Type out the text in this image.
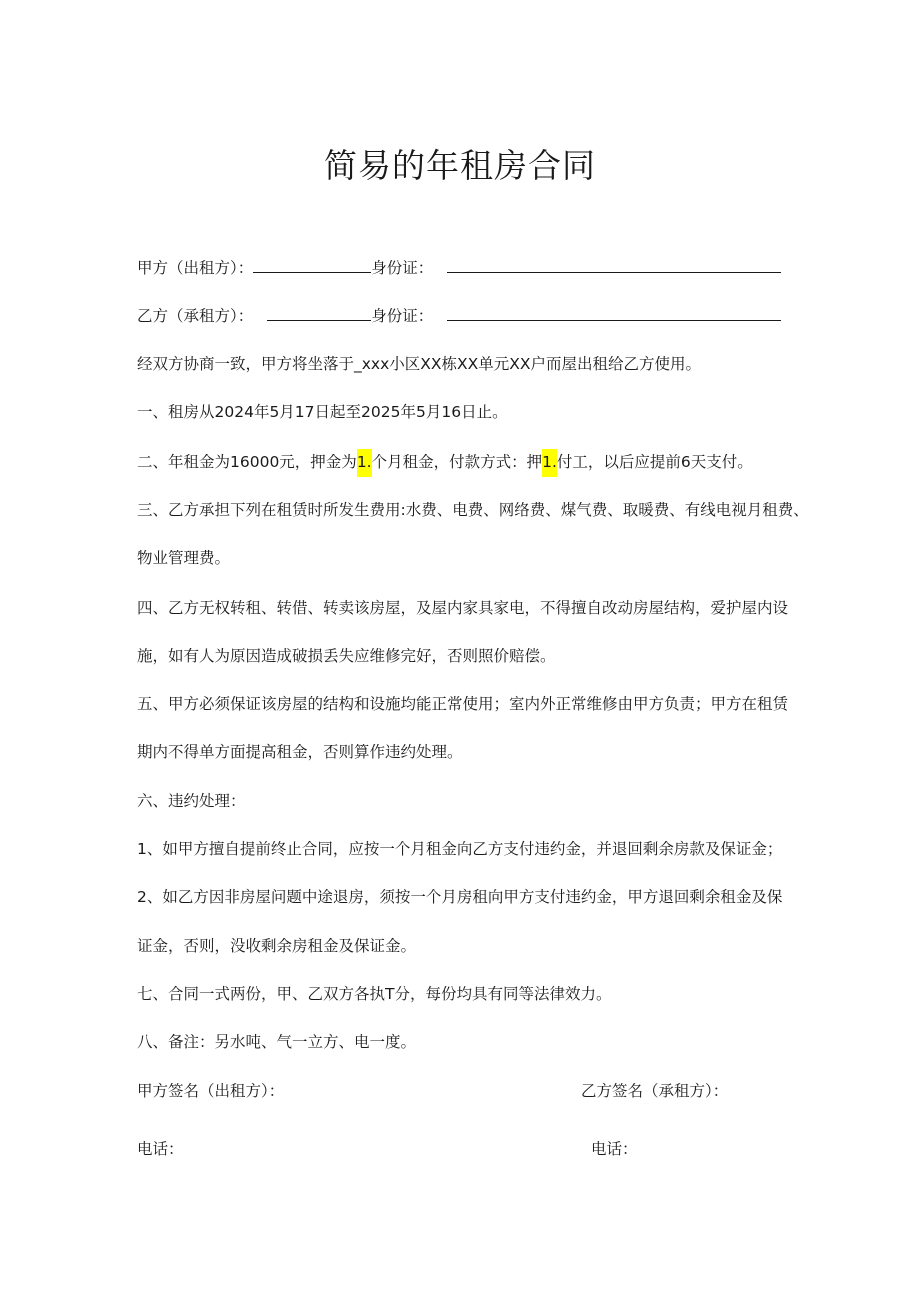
简易的年租房合同
甲方（出租方）：	身份证：
乙方（承租方）：	身份证：
经双方协商一致，甲方将坐落于_xxx小区XX栋XX单元XX户而屋出租给乙方使用。
一、租房从2024年5月17日起至2025年5月16日止。
二、年租金为16000元，押金为1.个月租金，付款方式：押1.付工，以后应提前6天支付。
三、乙方承担下列在租赁时所发生费用:水费、电费、网络费、煤气费、取暖费、有线电视月租费、
物业管理费。
四、乙方无权转租、转借、转卖该房屋，及屋内家具家电，不得擅自改动房屋结构，爱护屋内设
施，如有人为原因造成破损丢失应维修完好，否则照价赔偿。
五、甲方必须保证该房屋的结构和设施均能正常使用；室内外正常维修由甲方负责；甲方在租赁
期内不得单方面提高租金，否则算作违约处理。
六、违约处理：
1、如甲方擅自提前终止合同，应按一个月租金向乙方支付违约金，并退回剩余房款及保证金；
2、如乙方因非房屋问题中途退房，须按一个月房租向甲方支付违约金，甲方退回剩余租金及保
证金，否则，没收剩余房租金及保证金。
七、合同一式两份，甲、乙双方各执T分，每份均具有同等法律效力。
八、备注：另水吨、气一立方、电一度。
甲方签名（出租方）：	乙方签名（承租方）：
电话：	电话：
